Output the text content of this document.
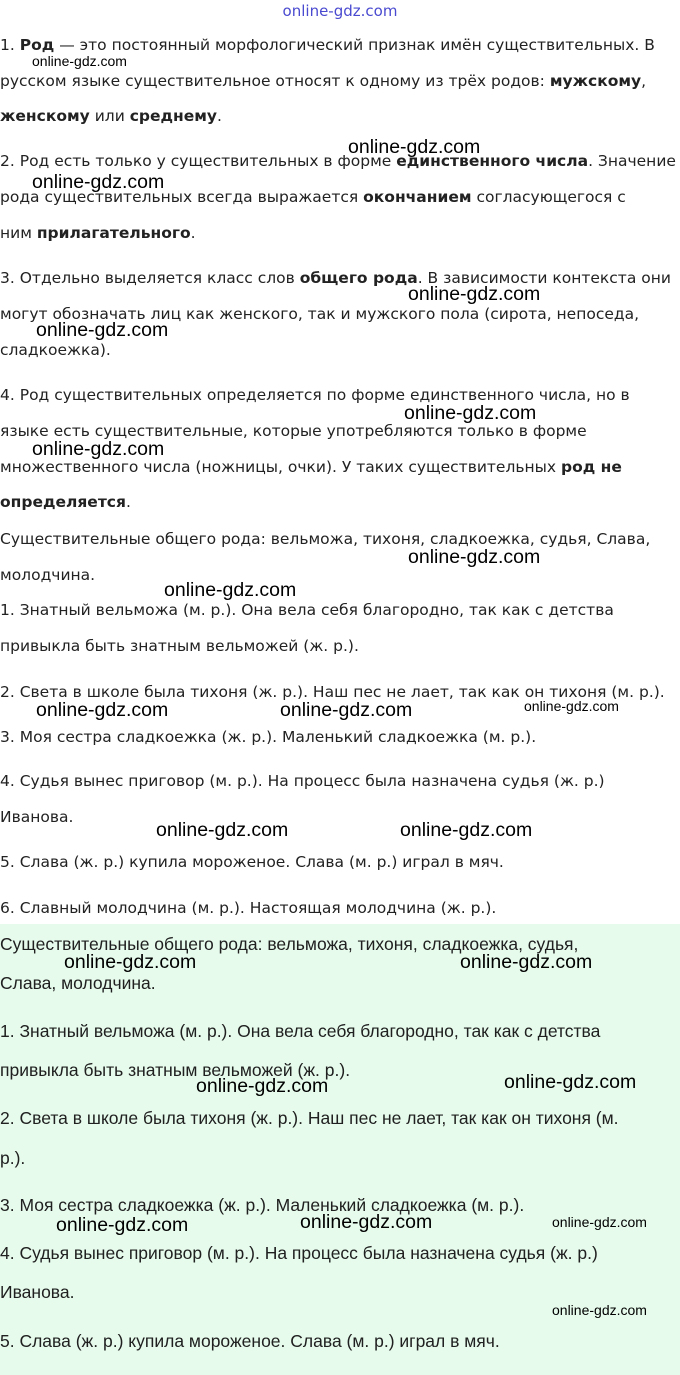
online-gdz.com
1. Род — это постоянный морфологический признак имён существительных. В
русском языке существительное относят к одному из трёх родов: мужскому,
женскому или среднему.
2. Род есть только у существительных в форме единственного числа. Значение
рода существительных всегда выражается окончанием согласующегося с
ним прилагательного.
3. Отдельно выделяется класс слов общего рода. В зависимости контекста они
могут обозначать лиц как женского, так и мужского пола (сирота, непоседа,
сладкоежка).
4. Род существительных определяется по форме единственного числа, но в
языке есть существительные, которые употребляются только в форме
множественного числа (ножницы, очки). У таких существительных род не
определяется.
Существительные общего рода: вельможа, тихоня, сладкоежка, судья, Слава,
молодчина.
1. Знатный вельможа (м. р.). Она вела себя благородно, так как с детства
привыкла быть знатным вельможей (ж. р.).
2. Света в школе была тихоня (ж. р.). Наш пес не лает, так как он тихоня (м. р.).
3. Моя сестра сладкоежка (ж. р.). Маленький сладкоежка (м. р.).
4. Судья вынес приговор (м. р.). На процесс была назначена судья (ж. р.)
Иванова.
5. Слава (ж. р.) купила мороженое. Слава (м. р.) играл в мяч.
6. Славный молодчина (м. р.). Настоящая молодчина (ж. р.).
Существительные общего рода: вельможа, тихоня, сладкоежка, судья,
Слава, молодчина.
1. Знатный вельможа (м. р.). Она вела себя благородно, так как с детства
привыкла быть знатным вельможей (ж. р.).
2. Света в школе была тихоня (ж. р.). Наш пес не лает, так как он тихоня (м.
р.).
3. Моя сестра сладкоежка (ж. р.). Маленький сладкоежка (м. р.).
4. Судья вынес приговор (м. р.). На процесс была назначена судья (ж. р.)
Иванова.
5. Слава (ж. р.) купила мороженое. Слава (м. р.) играл в мяч.
online-gdz.com
online-gdz.com
online-gdz.com
online-gdz.com
online-gdz.com
online-gdz.com
online-gdz.com
online-gdz.com
online-gdz.com
online-gdz.com	online-gdz.com	online-gdz.com
online-gdz.com	online-gdz.com
online-gdz.com	online-gdz.com
online-gdz.com	online-gdz.com
online-gdz.com	online-gdz.com	online-gdz.com
online-gdz.com
